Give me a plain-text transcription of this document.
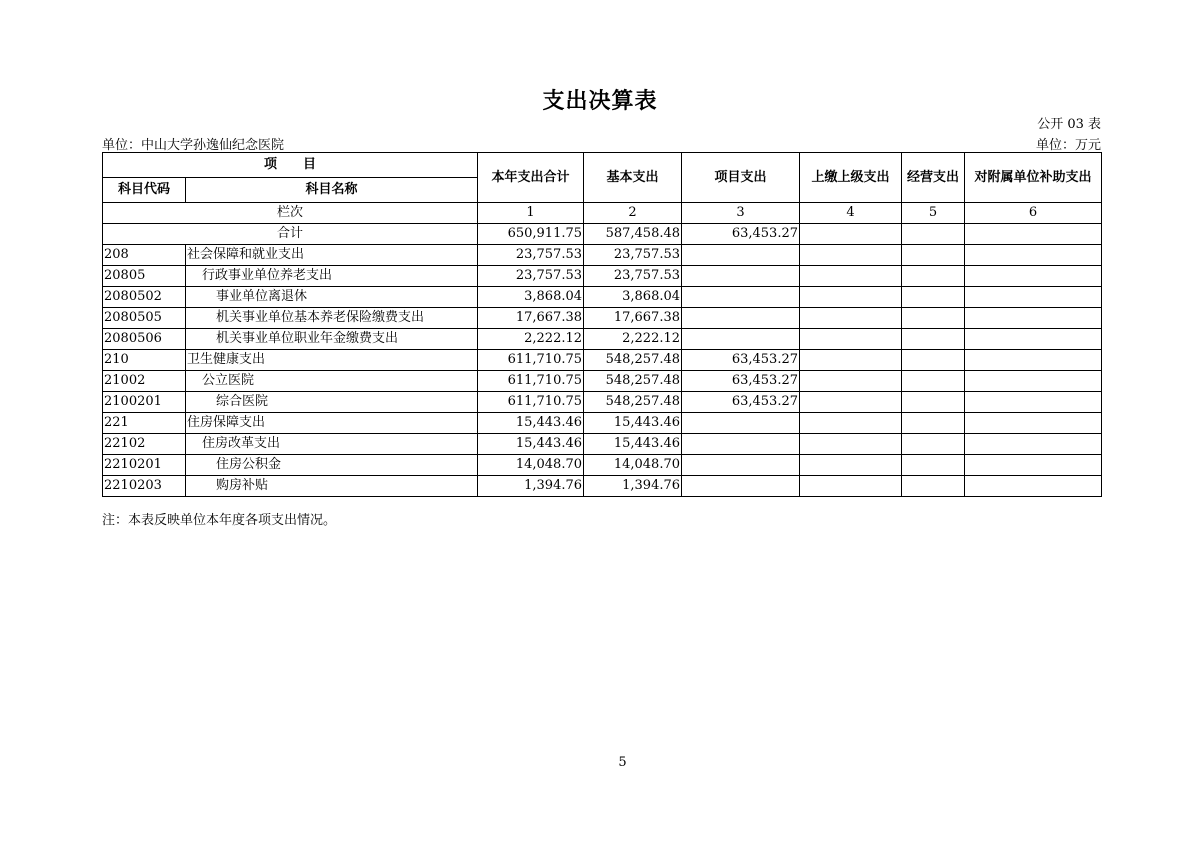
支出决算表
公开 03 表
单位：中山大学孙逸仙纪念医院	单位：万元
项　　目		本年支出合计	基本支出	项目支出	上缴上级支出	经营支出	对附属单位补助支出
科目代码	科目名称						
栏次		1	2	3	4	5	6
合计		650,911.75	587,458.48	63,453.27			
208	社会保障和就业支出	23,757.53	23,757.53				
20805	行政事业单位养老支出	23,757.53	23,757.53				
2080502	事业单位离退休	3,868.04	3,868.04				
2080505	机关事业单位基本养老保险缴费支出	17,667.38	17,667.38				
2080506	机关事业单位职业年金缴费支出	2,222.12	2,222.12				
210	卫生健康支出	611,710.75	548,257.48	63,453.27			
21002	公立医院	611,710.75	548,257.48	63,453.27			
2100201	综合医院	611,710.75	548,257.48	63,453.27			
221	住房保障支出	15,443.46	15,443.46				
22102	住房改革支出	15,443.46	15,443.46				
2210201	住房公积金	14,048.70	14,048.70				
2210203	购房补贴	1,394.76	1,394.76				
注：本表反映单位本年度各项支出情况。
5
